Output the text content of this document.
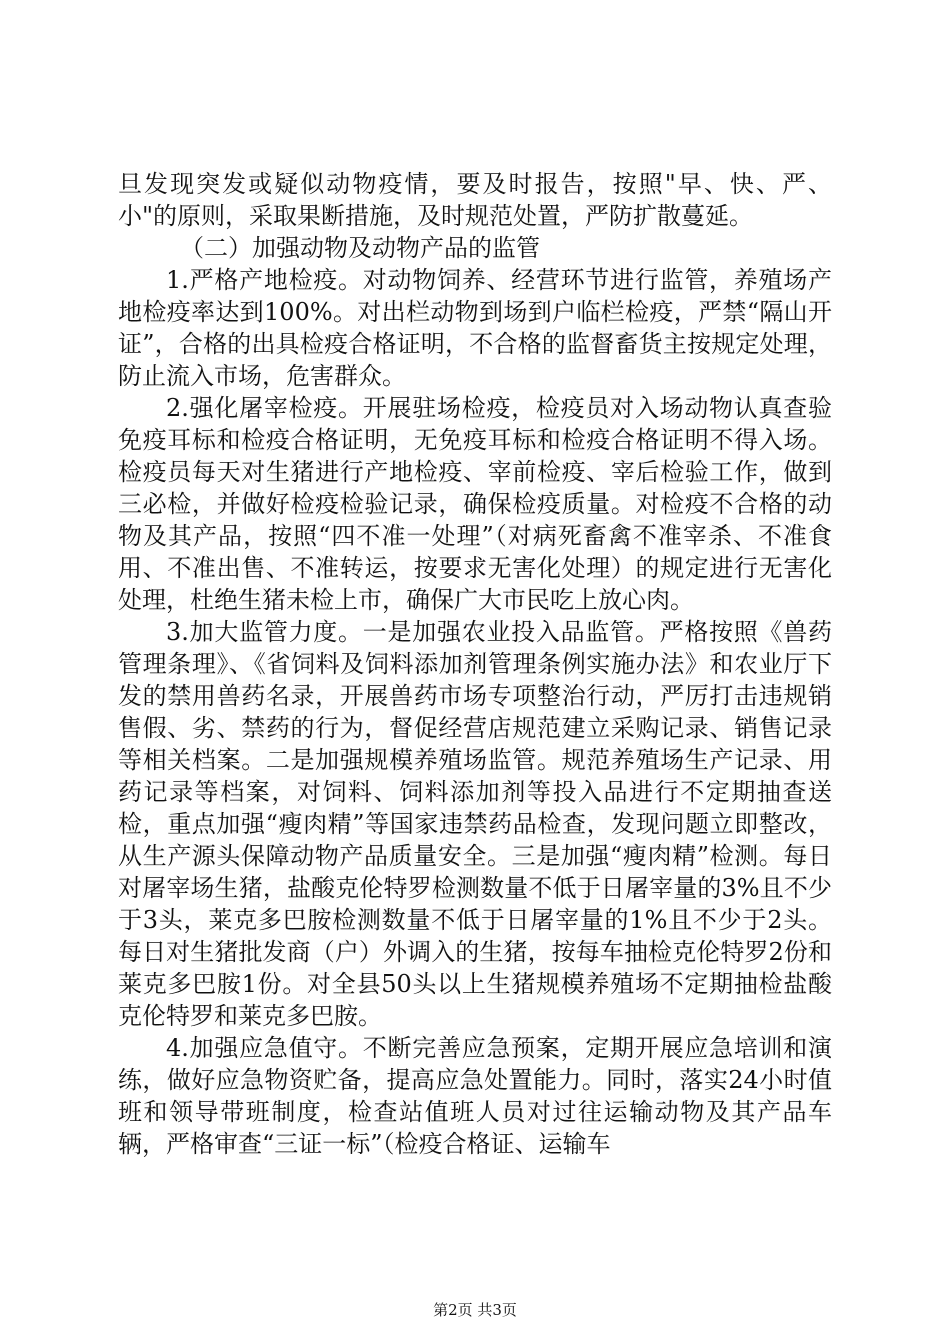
旦发现突发或疑似动物疫情，要及时报告，按照"早、快、严、小"的原则，采取果断措施，及时规范处置，严防扩散蔓延。

（二）加强动物及动物产品的监管

1.严格产地检疫。对动物饲养、经营环节进行监管，养殖场产地检疫率达到100%。对出栏动物到场到户临栏检疫，严禁“隔山开证”，合格的出具检疫合格证明，不合格的监督畜货主按规定处理，防止流入市场，危害群众。

2.强化屠宰检疫。开展驻场检疫，检疫员对入场动物认真查验免疫耳标和检疫合格证明，无免疫耳标和检疫合格证明不得入场。检疫员每天对生猪进行产地检疫、宰前检疫、宰后检验工作，做到三必检，并做好检疫检验记录，确保检疫质量。对检疫不合格的动物及其产品，按照“四不准一处理”（对病死畜禽不准宰杀、不准食用、不准出售、不准转运，按要求无害化处理）的规定进行无害化处理，杜绝生猪未检上市，确保广大市民吃上放心肉。

3.加大监管力度。一是加强农业投入品监管。严格按照《兽药管理条理》、《省饲料及饲料添加剂管理条例实施办法》和农业厅下发的禁用兽药名录，开展兽药市场专项整治行动，严厉打击违规销售假、劣、禁药的行为，督促经营店规范建立采购记录、销售记录等相关档案。二是加强规模养殖场监管。规范养殖场生产记录、用药记录等档案，对饲料、饲料添加剂等投入品进行不定期抽查送检，重点加强“瘦肉精”等国家违禁药品检查，发现问题立即整改，从生产源头保障动物产品质量安全。三是加强“瘦肉精”检测。每日对屠宰场生猪，盐酸克伦特罗检测数量不低于日屠宰量的3%且不少于3头，莱克多巴胺检测数量不低于日屠宰量的1%且不少于2头。每日对生猪批发商（户）外调入的生猪，按每车抽检克伦特罗2份和莱克多巴胺1份。对全县50头以上生猪规模养殖场不定期抽检盐酸克伦特罗和莱克多巴胺。

4.加强应急值守。不断完善应急预案，定期开展应急培训和演练，做好应急物资贮备，提高应急处置能力。同时，落实24小时值班和领导带班制度，检查站值班人员对过往运输动物及其产品车辆，严格审查“三证一标”（检疫合格证、运输车

第2页 共3页
